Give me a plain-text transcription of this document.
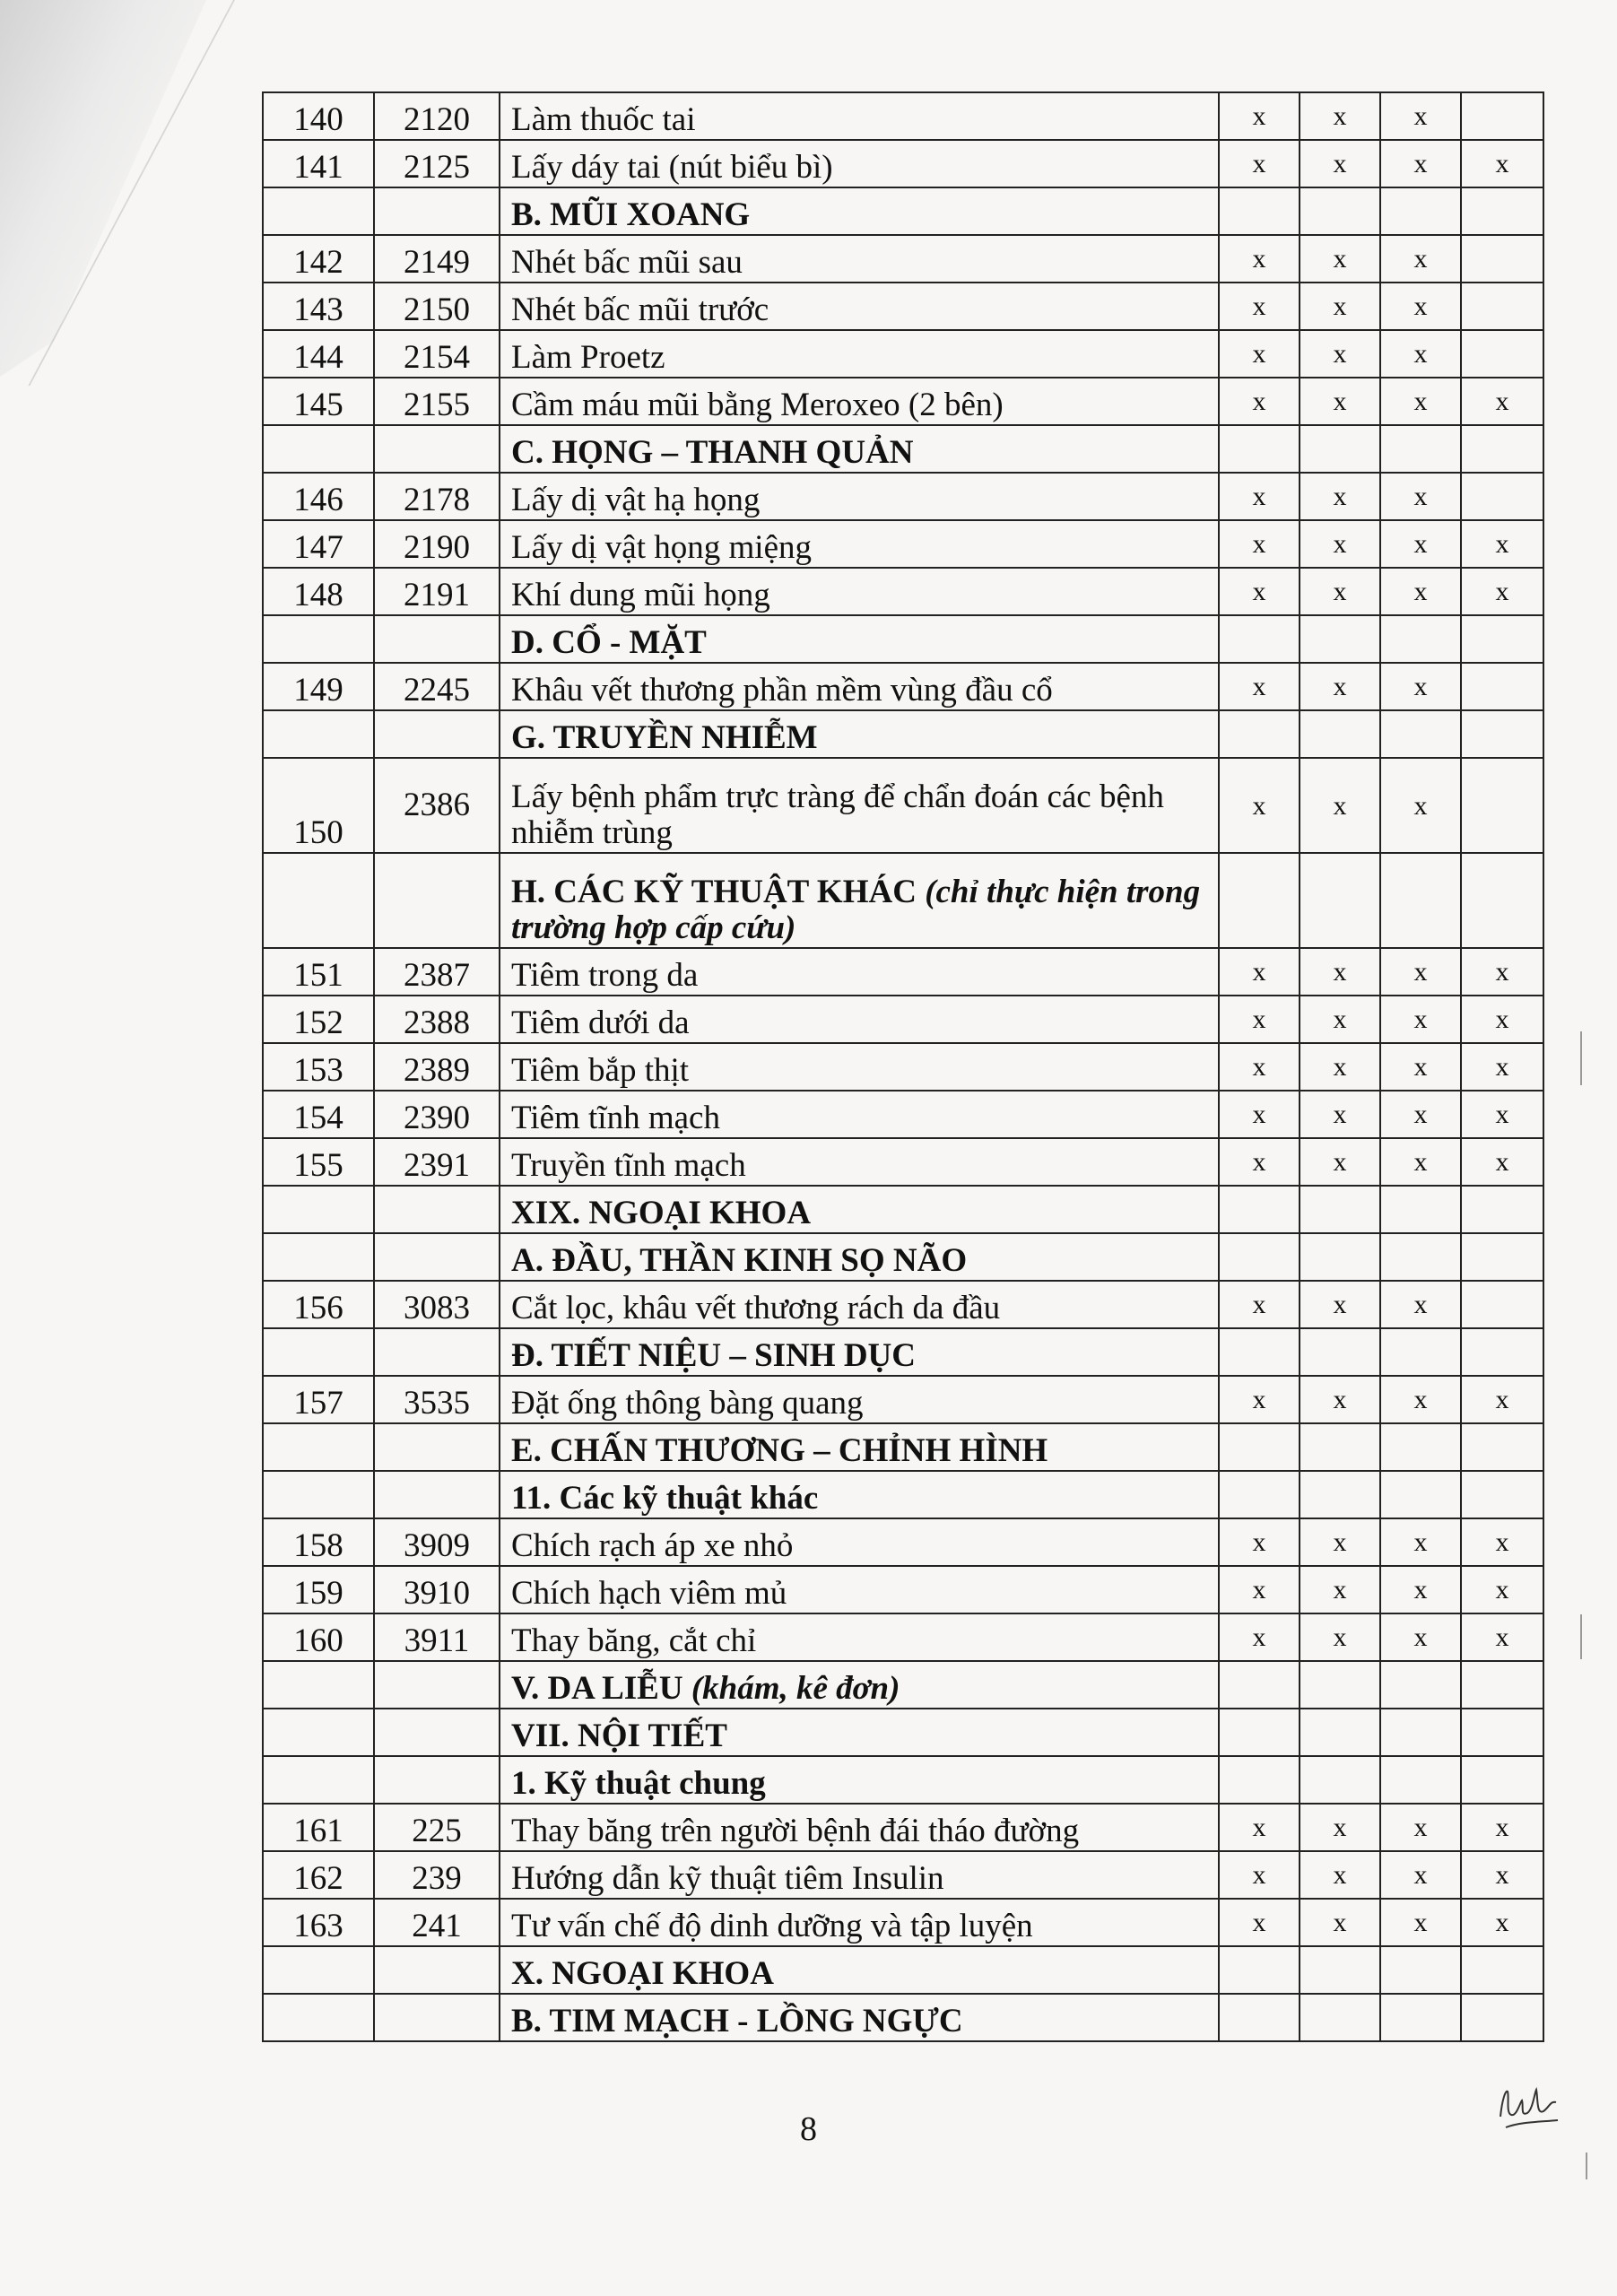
140	2120	Làm thuốc tai	x	x	x	
141	2125	Lấy dáy tai (nút biểu bì)	x	x	x	x
		B. MŨI XOANG				
142	2149	Nhét bấc mũi sau	x	x	x	
143	2150	Nhét bấc mũi trước	x	x	x	
144	2154	Làm Proetz	x	x	x	
145	2155	Cầm máu mũi bằng Meroxeo (2 bên)	x	x	x	x
		C. HỌNG – THANH QUẢN				
146	2178	Lấy dị vật hạ họng	x	x	x	
147	2190	Lấy dị vật họng miệng	x	x	x	x
148	2191	Khí dung mũi họng	x	x	x	x
		D. CỔ - MẶT				
149	2245	Khâu vết thương phần mềm vùng đầu cổ	x	x	x	
		G. TRUYỀN NHIỄM				
150	2386	Lấy bệnh phẩm trực tràng để chẩn đoán các bệnh nhiễm trùng	x	x	x	
		H. CÁC KỸ THUẬT KHÁC (chỉ thực hiện trong trường hợp cấp cứu)				
151	2387	Tiêm trong da	x	x	x	x
152	2388	Tiêm dưới da	x	x	x	x
153	2389	Tiêm bắp thịt	x	x	x	x
154	2390	Tiêm tĩnh mạch	x	x	x	x
155	2391	Truyền tĩnh mạch	x	x	x	x
		XIX. NGOẠI KHOA				
		A. ĐẦU, THẦN KINH SỌ NÃO				
156	3083	Cắt lọc, khâu vết thương rách da đầu	x	x	x	
		Đ. TIẾT NIỆU – SINH DỤC				
157	3535	Đặt ống thông bàng quang	x	x	x	x
		E. CHẤN THƯƠNG – CHỈNH HÌNH				
		11. Các kỹ thuật khác				
158	3909	Chích rạch áp xe nhỏ	x	x	x	x
159	3910	Chích hạch viêm mủ	x	x	x	x
160	3911	Thay băng, cắt chỉ	x	x	x	x
		V. DA LIỄU (khám, kê đơn)				
		VII. NỘI TIẾT				
		1. Kỹ thuật chung				
161	225	Thay băng trên người bệnh đái tháo đường	x	x	x	x
162	239	Hướng dẫn kỹ thuật tiêm Insulin	x	x	x	x
163	241	Tư vấn chế độ dinh dưỡng và tập luyện	x	x	x	x
		X. NGOẠI KHOA				
		B. TIM MẠCH - LỒNG NGỰC				
8
